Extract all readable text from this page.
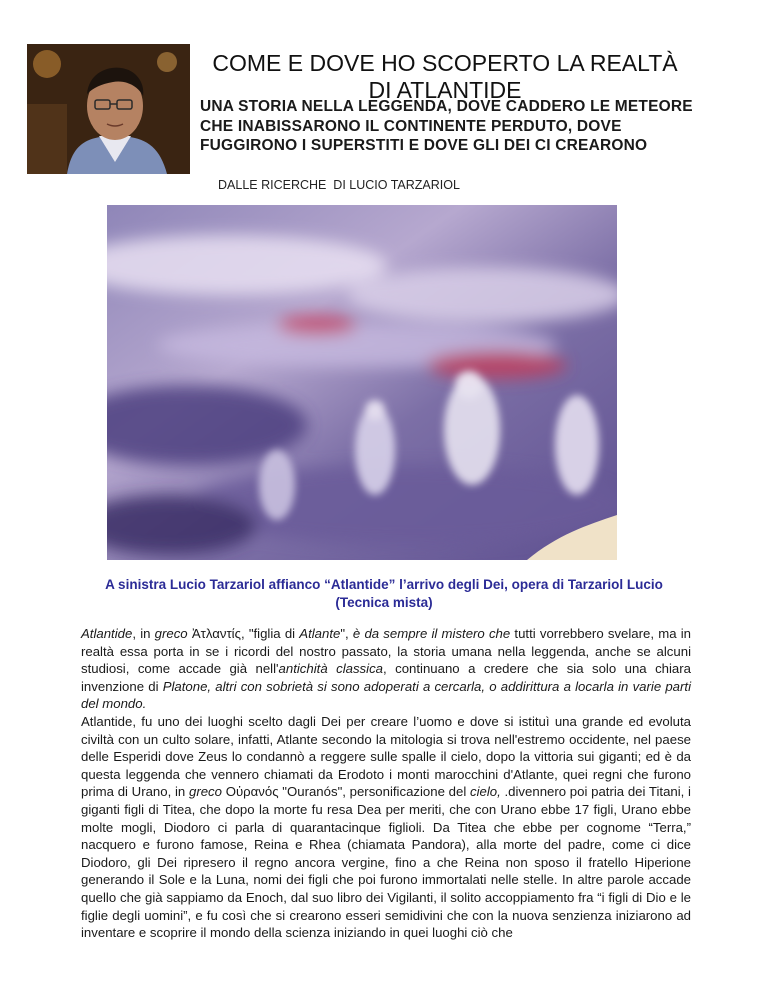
COME E DOVE HO SCOPERTO LA REALTÀ DI ATLANTIDE
UNA STORIA NELLA LEGGENDA, DOVE CADDERO LE METEORE CHE INABISSARONO IL CONTINENTE PERDUTO, DOVE FUGGIRONO I SUPERSTITI E DOVE GLI DEI CI CREARONO
DALLE RICERCHE  DI LUCIO TARZARIOL
A sinistra Lucio Tarzariol affianco “Atlantide” l’arrivo degli Dei, opera di Tarzariol Lucio (Tecnica mista)

Atlantide, in greco Ἀτλαντίς, "figlia di Atlante", è da sempre il mistero che tutti vorrebbero svelare, ma in realtà essa porta in se i ricordi del nostro passato, la storia umana nella leggenda, anche se alcuni studiosi, come accade già nell'antichità classica, continuano a credere che sia solo una chiara invenzione di Platone, altri con sobrietà si sono adoperati a cercarla, o addirittura a locarla in varie parti del mondo.

Atlantide, fu uno dei luoghi scelto dagli Dei per creare l’uomo e dove si istituì una grande ed evoluta civiltà con un culto solare, infatti, Atlante secondo la mitologia si trova nell'estremo occidente, nel paese delle Esperidi dove Zeus lo condannò a reggere sulle spalle il cielo, dopo la vittoria sui giganti; ed è da questa leggenda che vennero chiamati da Erodoto i monti marocchini d'Atlante, quei regni che furono prima di Urano, in greco Οὐρανός "Ouranós", personificazione del cielo, .divennero poi patria dei Titani, i giganti figli di Titea, che dopo la morte fu resa Dea per meriti, che con Urano ebbe 17 figli, Urano ebbe molte mogli, Diodoro ci parla di quarantacinque figlioli. Da Titea che ebbe per cognome “Terra,” nacquero e furono famose, Reina e Rhea (chiamata Pandora), alla morte del padre, come ci dice Diodoro, gli Dei ripresero il regno ancora vergine, fino a che Reina non sposo il fratello Hiperione generando il Sole e la Luna, nomi dei figli che poi furono immortalati nelle stelle. In altre parole accade quello che già sappiamo da Enoch, dal suo libro dei Vigilanti, il solito accoppiamento fra “i figli di Dio e le figlie degli uomini”, e fu così che si crearono esseri semidivini che con la nuova senzienza iniziarono ad inventare e scoprire il mondo della scienza iniziando in quei luoghi ciò che
